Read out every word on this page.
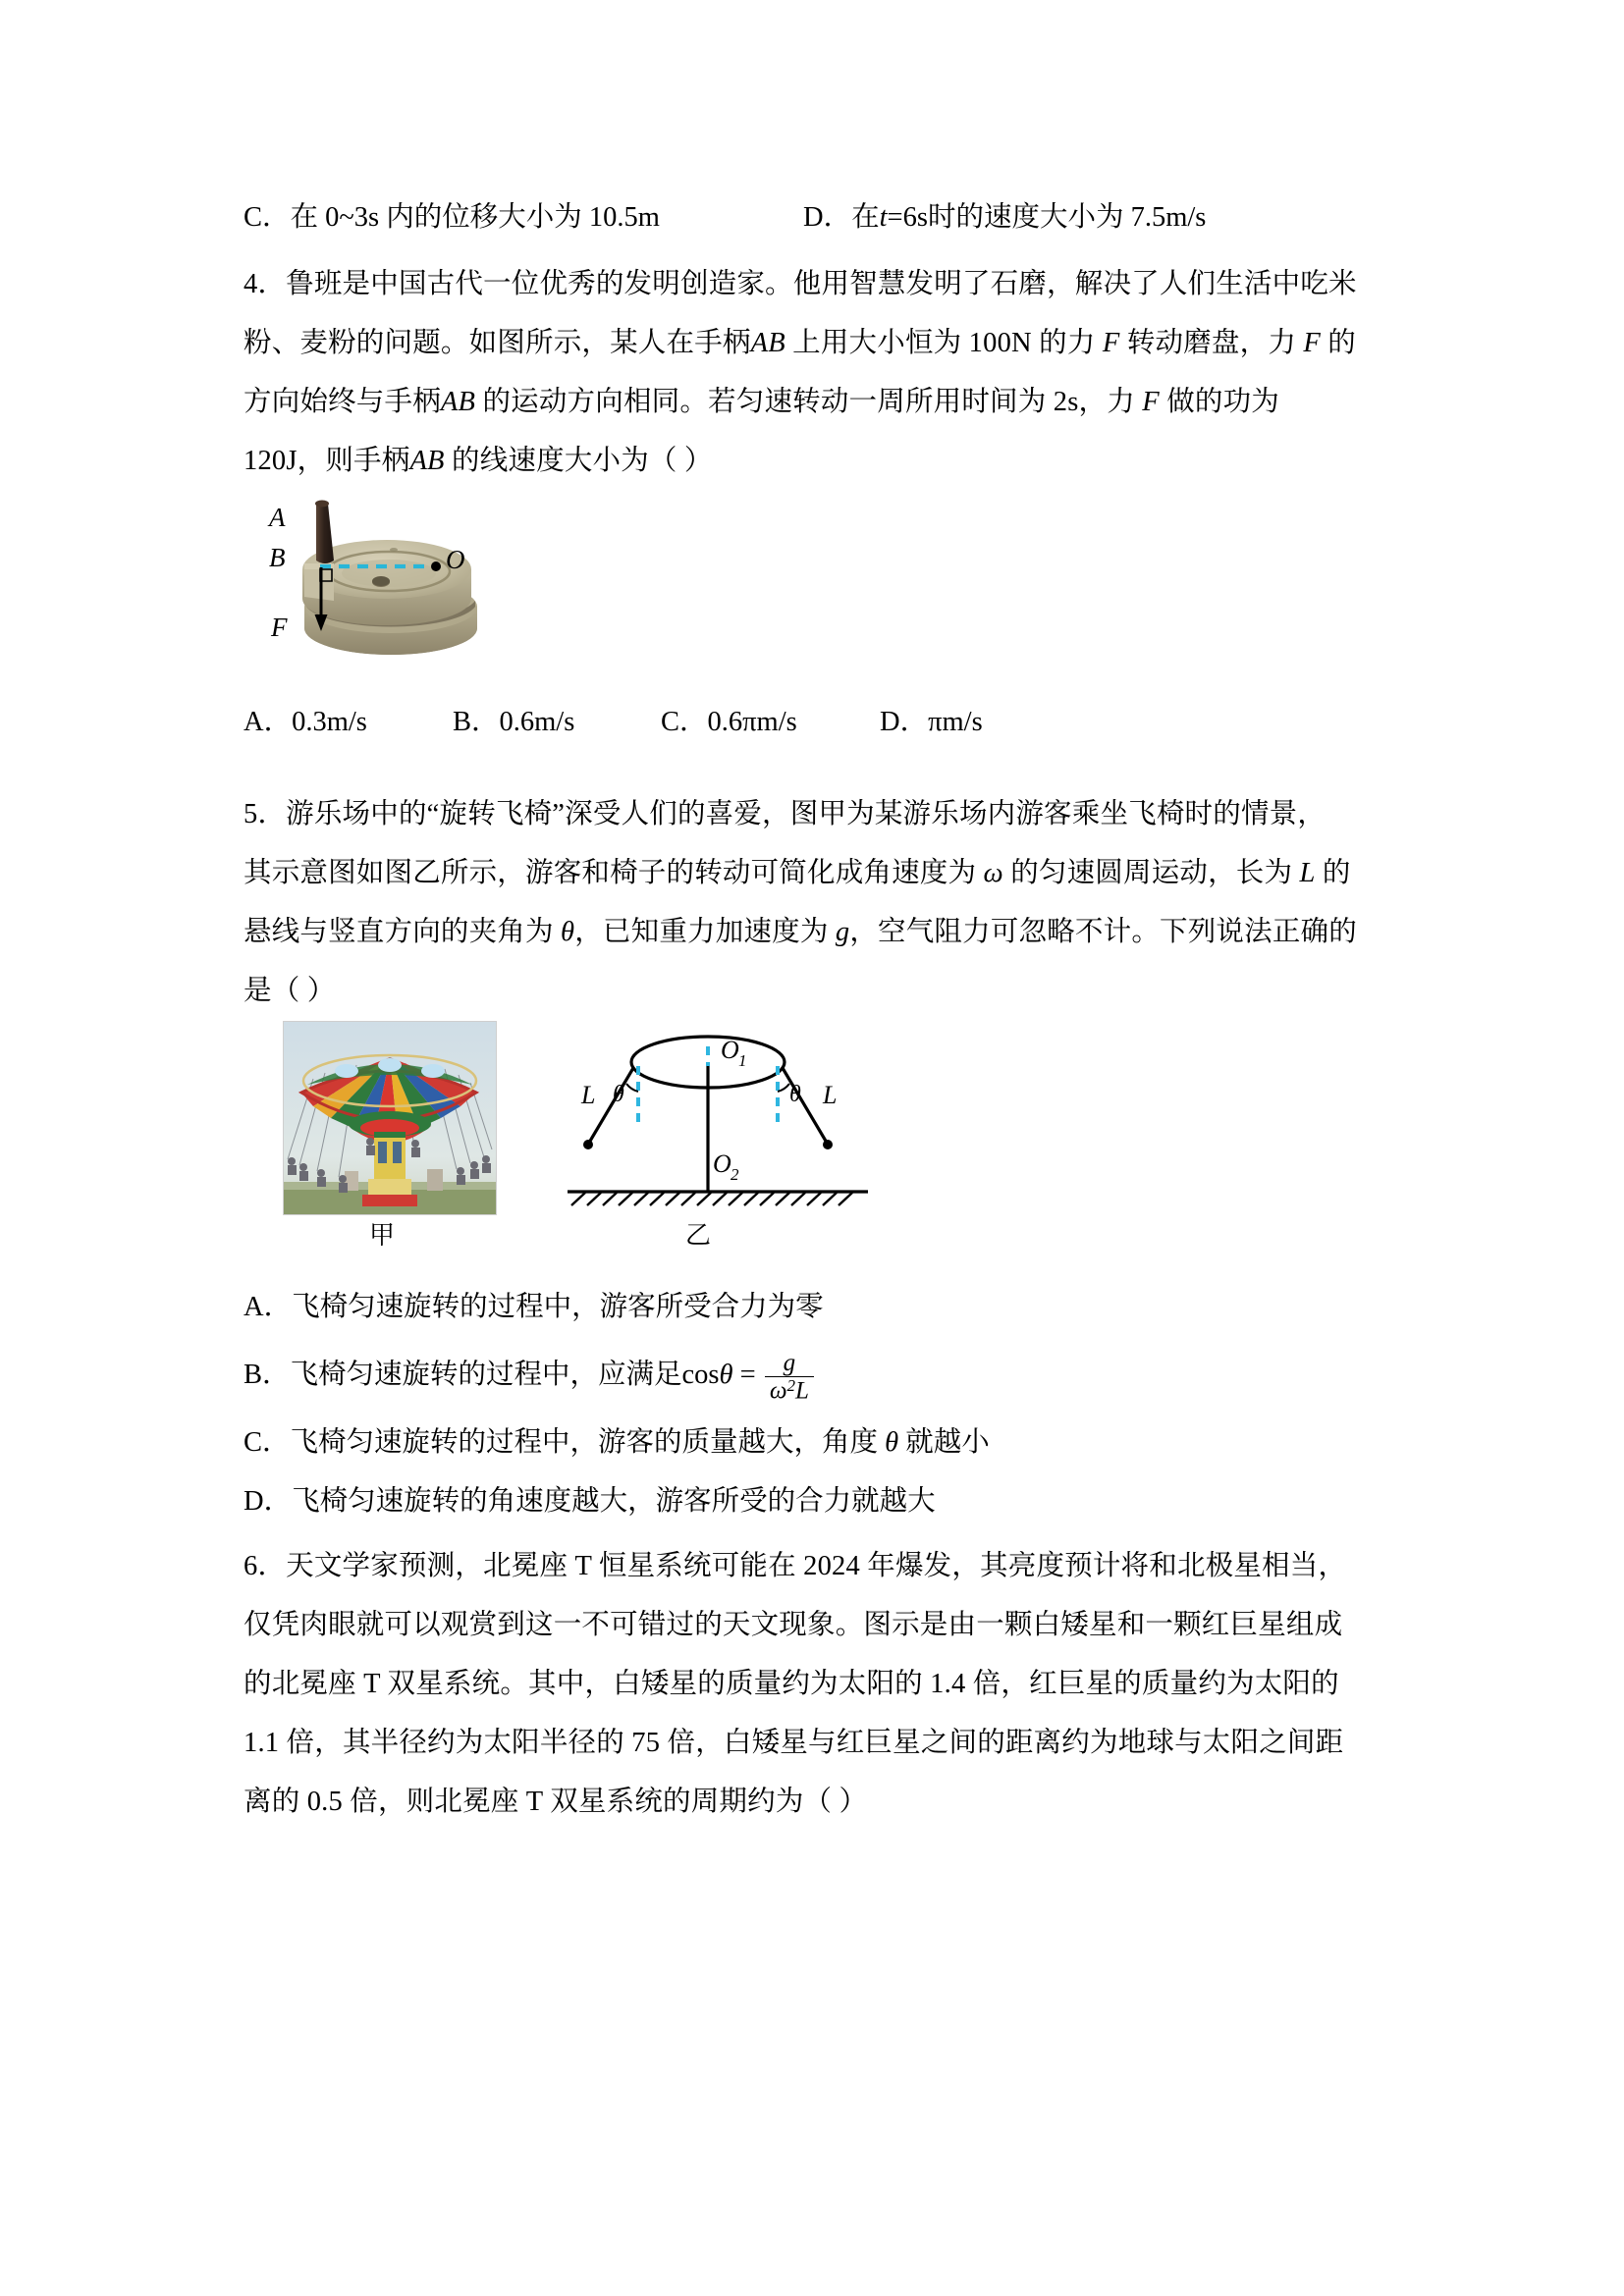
C．在 0~3s 内的位移大小为 10.5m	D．在t=6s时的速度大小为 7.5m/s
4．鲁班是中国古代一位优秀的发明创造家。他用智慧发明了石磨，解决了人们生活中吃米
粉、麦粉的问题。如图所示，某人在手柄AB 上用大小恒为 100N 的力 F 转动磨盘，力 F 的
方向始终与手柄AB 的运动方向相同。若匀速转动一周所用时间为 2s，力 F 做的功为
120J，则手柄AB 的线速度大小为（ ）
A
B	O
F
A．0.3m/s	B．0.6m/s	C．0.6πm/s	D．πm/s
5．游乐场中的“旋转飞椅”深受人们的喜爱，图甲为某游乐场内游客乘坐飞椅时的情景，
其示意图如图乙所示，游客和椅子的转动可简化成角速度为 ω 的匀速圆周运动，长为 L 的
悬线与竖直方向的夹角为 θ，已知重力加速度为 g，空气阻力可忽略不计。下列说法正确的
是（ ）
O 1
O 2
L	L
θ	θ
甲	乙
A．飞椅匀速旋转的过程中，游客所受合力为零
B．飞椅匀速旋转的过程中，应满足$\cos\theta = \frac{g}{\omega^2L}$
C．飞椅匀速旋转的过程中，游客的质量越大，角度 θ 就越小
D．飞椅匀速旋转的角速度越大，游客所受的合力就越大
6．天文学家预测，北冕座 T 恒星系统可能在 2024 年爆发，其亮度预计将和北极星相当，
仅凭肉眼就可以观赏到这一不可错过的天文现象。图示是由一颗白矮星和一颗红巨星组成
的北冕座 T 双星系统。其中，白矮星的质量约为太阳的 1.4 倍，红巨星的质量约为太阳的
1.1 倍，其半径约为太阳半径的 75 倍，白矮星与红巨星之间的距离约为地球与太阳之间距
离的 0.5 倍，则北冕座 T 双星系统的周期约为（ ）
